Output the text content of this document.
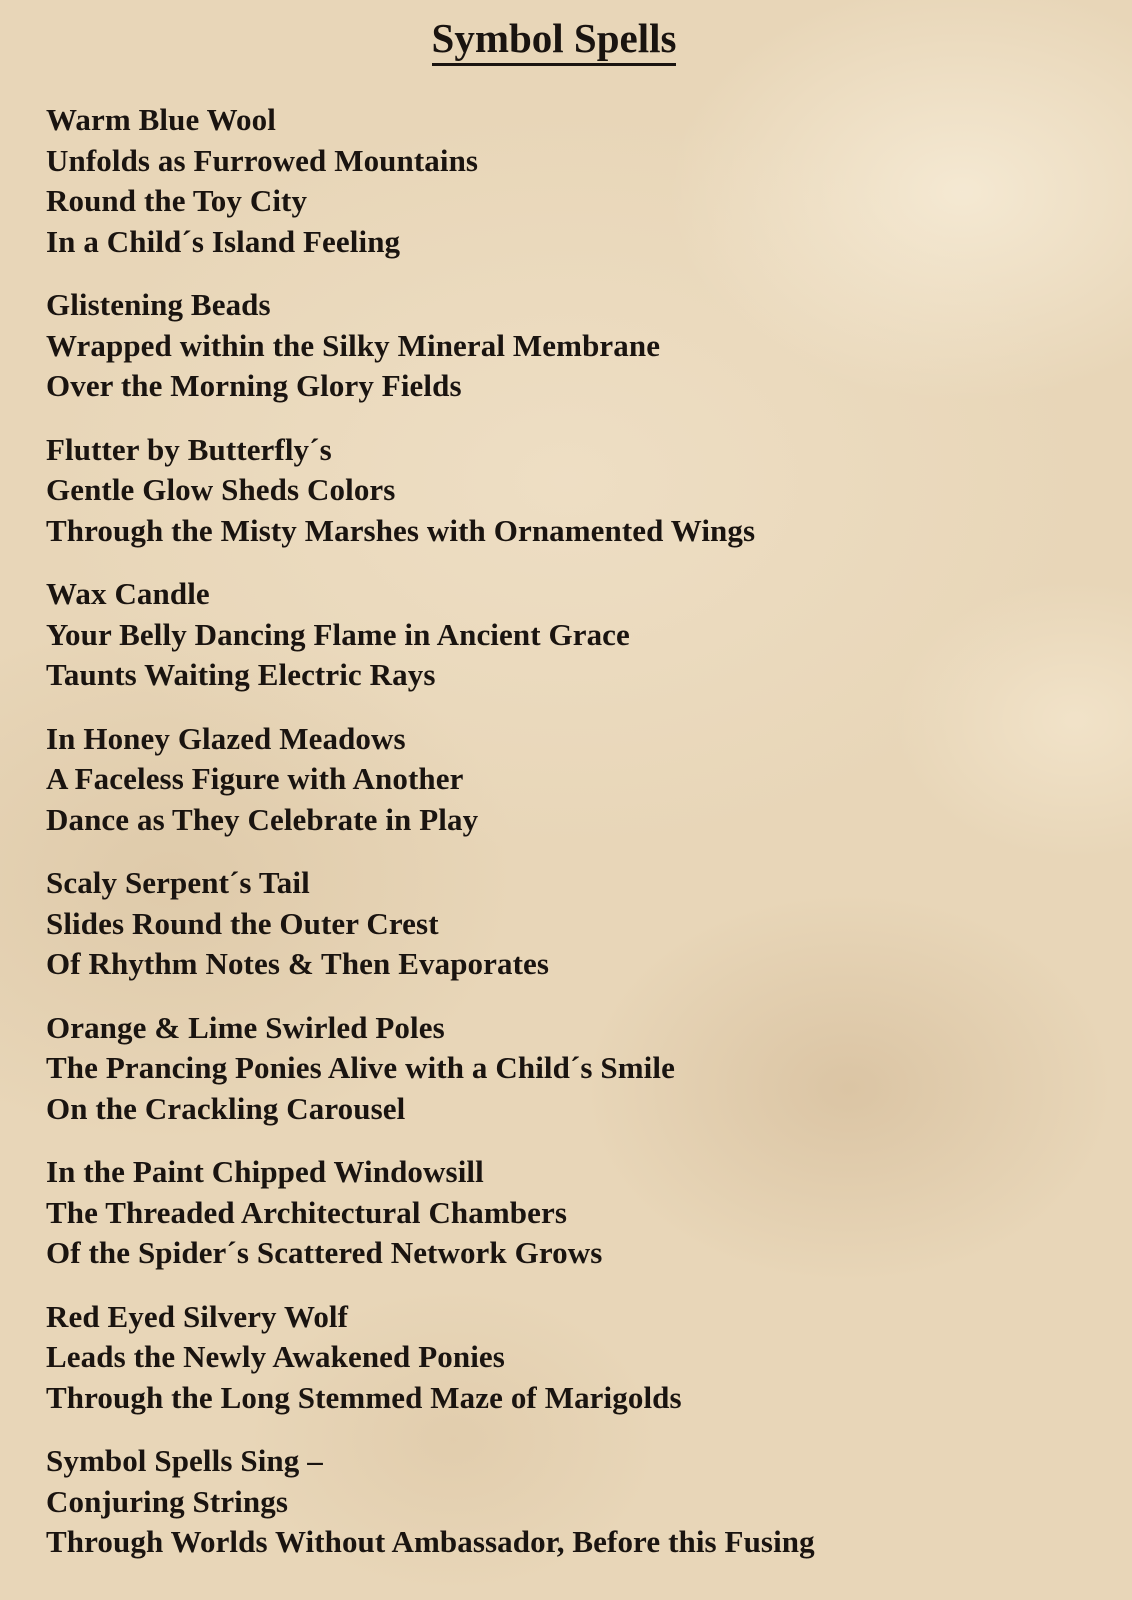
Symbol Spells
Warm Blue Wool
Unfolds as Furrowed Mountains
Round the Toy City
In a Child´s Island Feeling
Glistening Beads
Wrapped within the Silky Mineral Membrane
Over the Morning Glory Fields
Flutter by Butterfly´s
Gentle Glow Sheds Colors
Through the Misty Marshes with Ornamented Wings
Wax Candle
Your Belly Dancing Flame in Ancient Grace
Taunts Waiting Electric Rays
In Honey Glazed Meadows
A Faceless Figure with Another
Dance as They Celebrate in Play
Scaly Serpent´s Tail
Slides Round the Outer Crest
Of Rhythm Notes & Then Evaporates
Orange & Lime Swirled Poles
The Prancing Ponies Alive with a Child´s Smile
On the Crackling Carousel
In the Paint Chipped Windowsill
The Threaded Architectural Chambers
Of the Spider´s Scattered Network Grows
Red Eyed Silvery Wolf
Leads the Newly Awakened Ponies
Through the Long Stemmed Maze of Marigolds
Symbol Spells Sing –
Conjuring Strings
Through Worlds Without Ambassador, Before this Fusing
